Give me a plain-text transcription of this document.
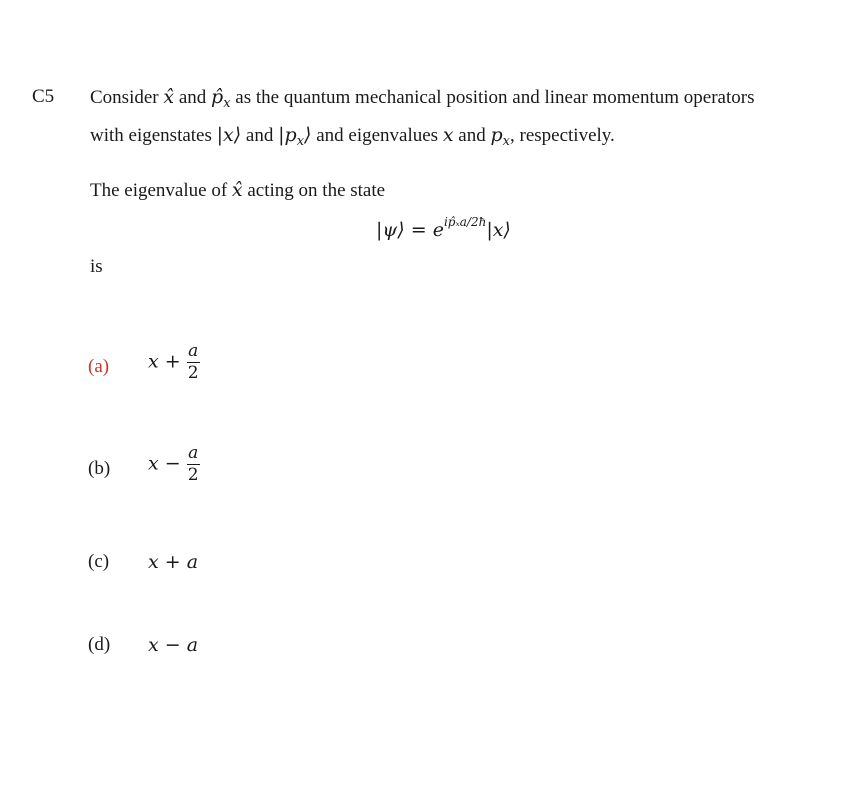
C5 Consider x̂ and $p̂_x$ as the quantum mechanical position and linear momentum operators
with eigenstates |x⟩ and $|p_x⟩$ and eigenvalues x and $p_x$, respectively.
The eigenvalue of x̂ acting on the state
|ψ⟩ = $e^{ip̂_xa/2ħ}|x⟩$
is
(a) $x + \frac{a}{2}$
(b) $x - \frac{a}{2}$
(c) x + a
(d) x − a
